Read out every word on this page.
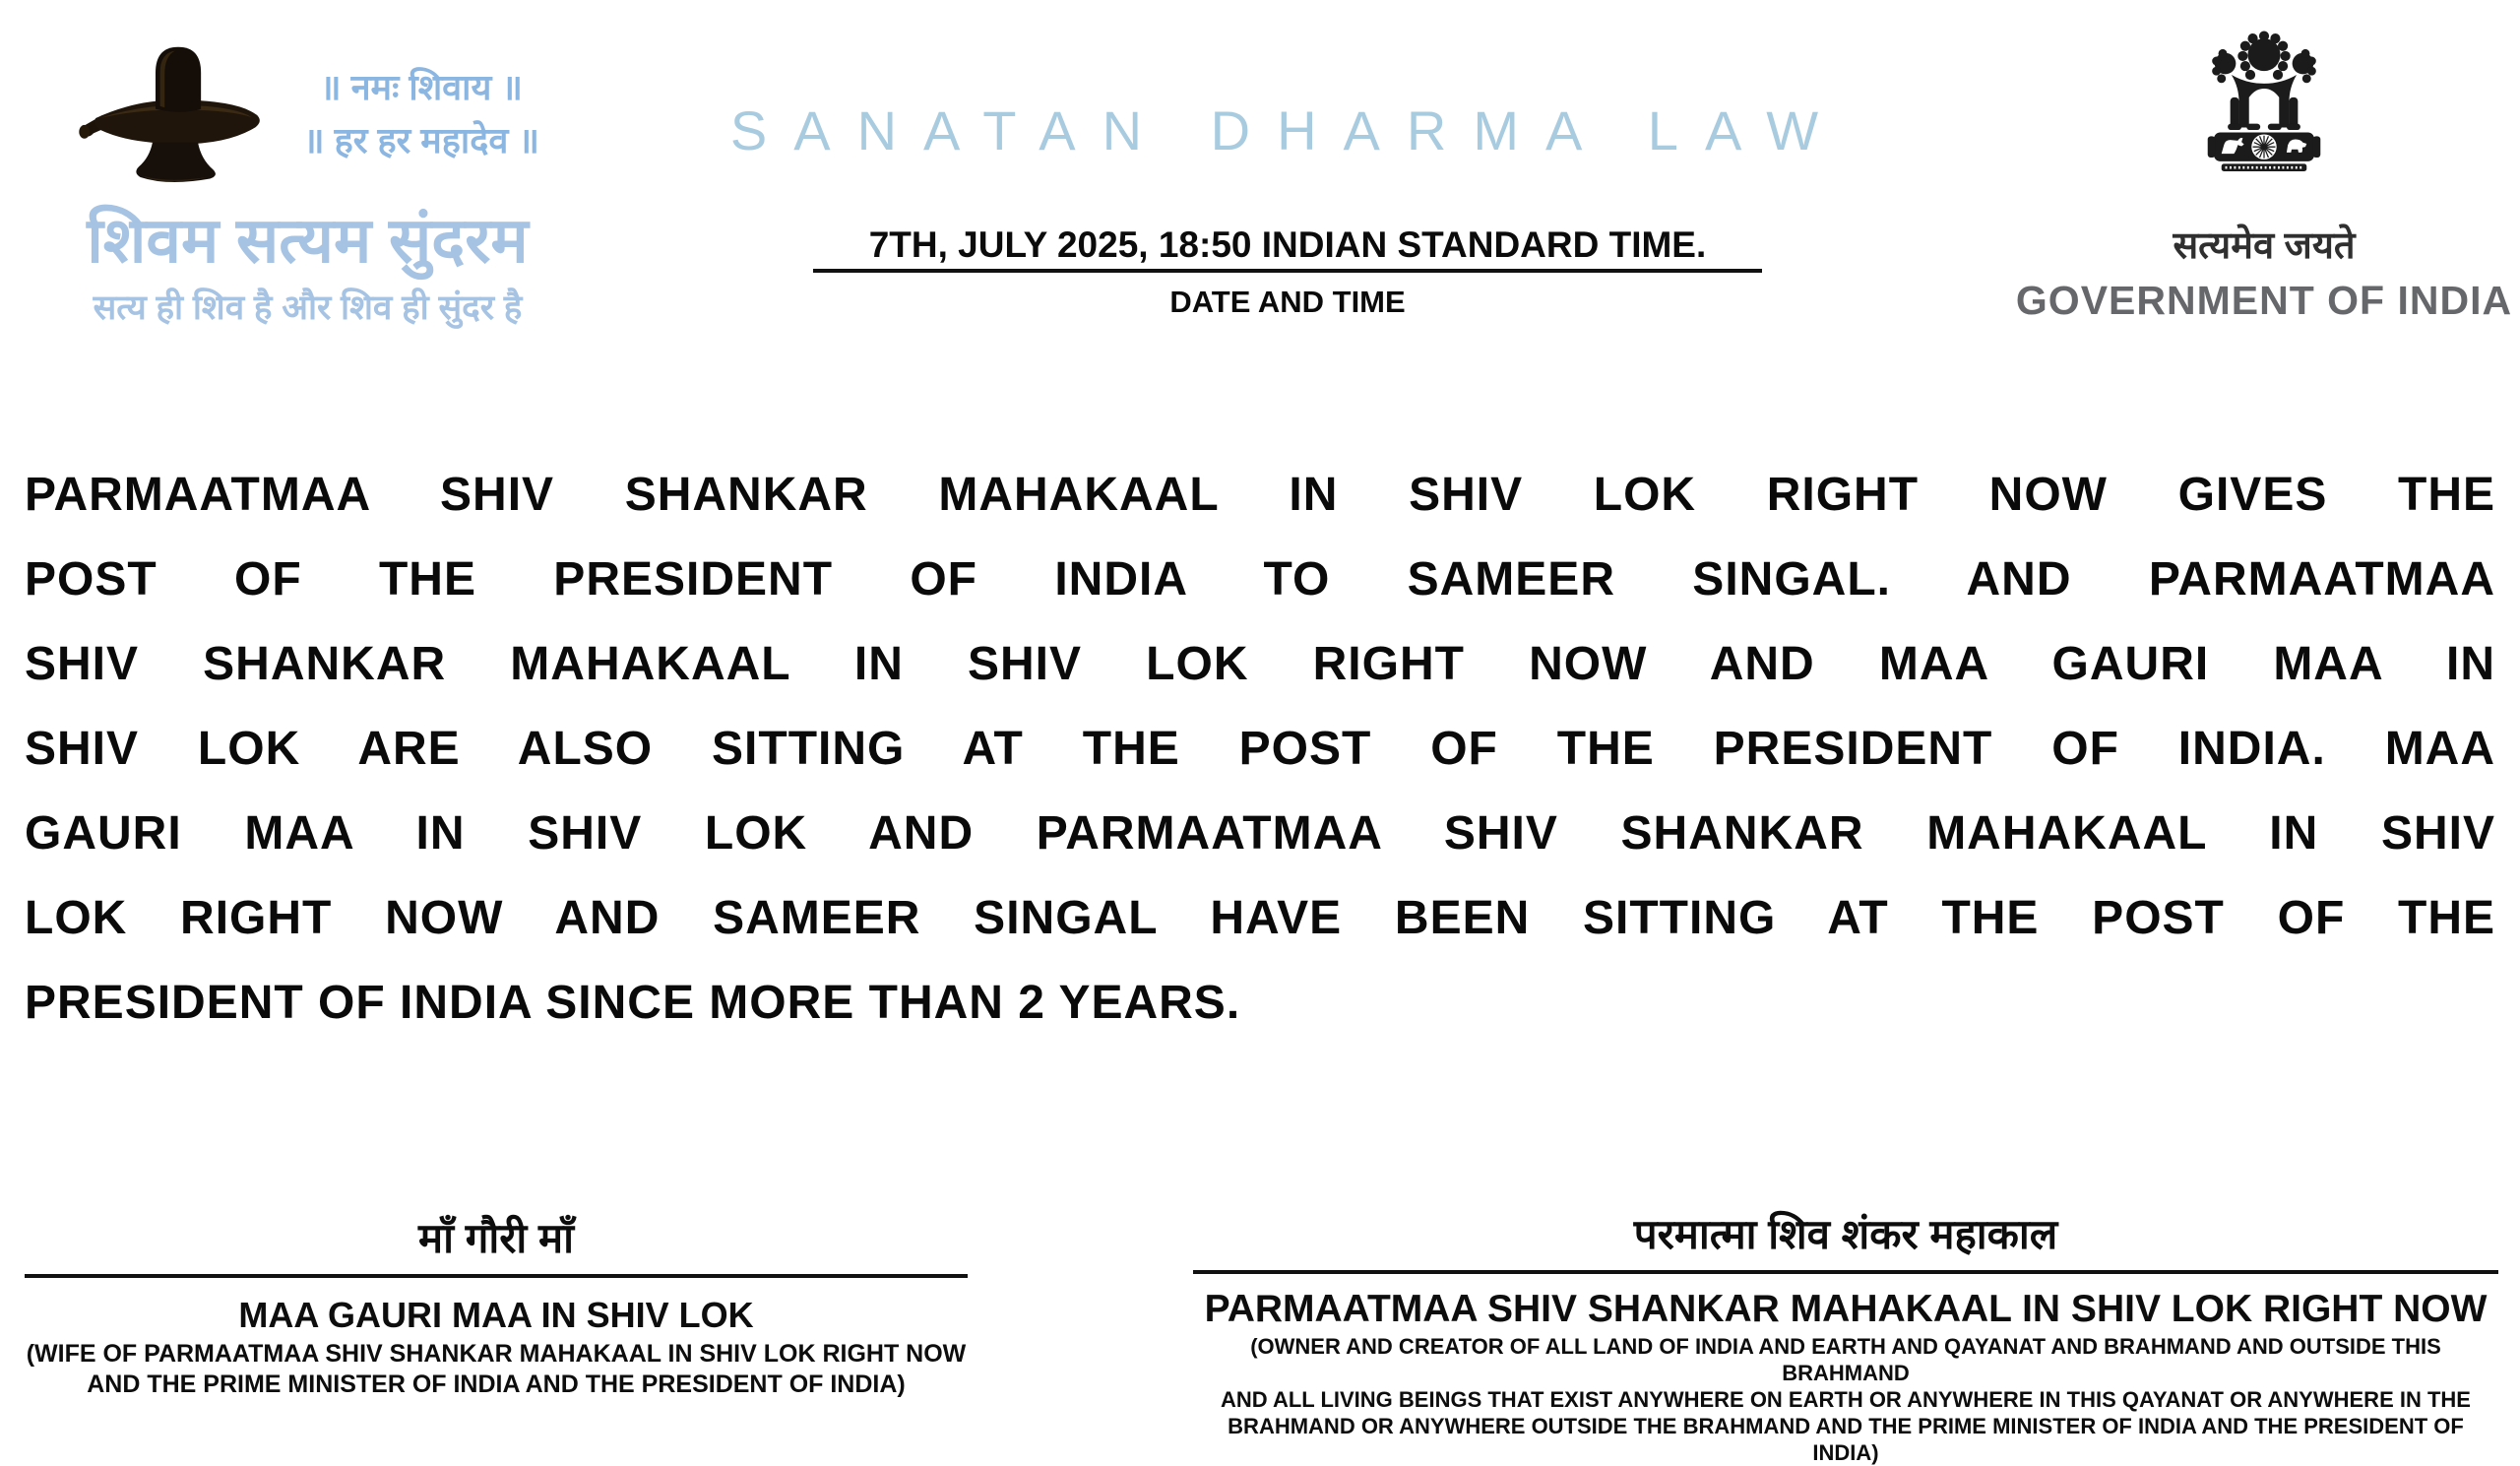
॥ नमः शिवाय ॥
॥ हर हर महादेव ॥
शिवम सत्यम सुंदरम
सत्य ही शिव है और शिव ही सुंदर है
SANATAN DHARMA LAW
7TH, JULY 2025, 18:50 INDIAN STANDARD TIME.
DATE AND TIME
सत्यमेव जयते
GOVERNMENT OF INDIA
PARMAATMAA SHIV SHANKAR MAHAKAAL IN SHIV LOK RIGHT NOW GIVES THE
POST OF THE PRESIDENT OF INDIA TO SAMEER SINGAL. AND PARMAATMAA
SHIV SHANKAR MAHAKAAL IN SHIV LOK RIGHT NOW AND MAA GAURI MAA IN
SHIV LOK ARE ALSO SITTING AT THE POST OF THE PRESIDENT OF INDIA. MAA
GAURI MAA IN SHIV LOK AND PARMAATMAA SHIV SHANKAR MAHAKAAL IN SHIV
LOK RIGHT NOW AND SAMEER SINGAL HAVE BEEN SITTING AT THE POST OF THE
PRESIDENT OF INDIA SINCE MORE THAN 2 YEARS.
माँ गौरी माँ
MAA GAURI MAA IN SHIV LOK
(WIFE OF PARMAATMAA SHIV SHANKAR MAHAKAAL IN SHIV LOK RIGHT NOW
AND THE PRIME MINISTER OF INDIA AND THE PRESIDENT OF INDIA)
परमात्मा शिव शंकर महाकाल
PARMAATMAA SHIV SHANKAR MAHAKAAL IN SHIV LOK RIGHT NOW
(OWNER AND CREATOR OF ALL LAND OF INDIA AND EARTH AND QAYANAT AND BRAHMAND AND OUTSIDE THIS BRAHMAND
AND ALL LIVING BEINGS THAT EXIST ANYWHERE ON EARTH OR ANYWHERE IN THIS QAYANAT OR ANYWHERE IN THE
BRAHMAND OR ANYWHERE OUTSIDE THE BRAHMAND AND THE PRIME MINISTER OF INDIA AND THE PRESIDENT OF INDIA)
